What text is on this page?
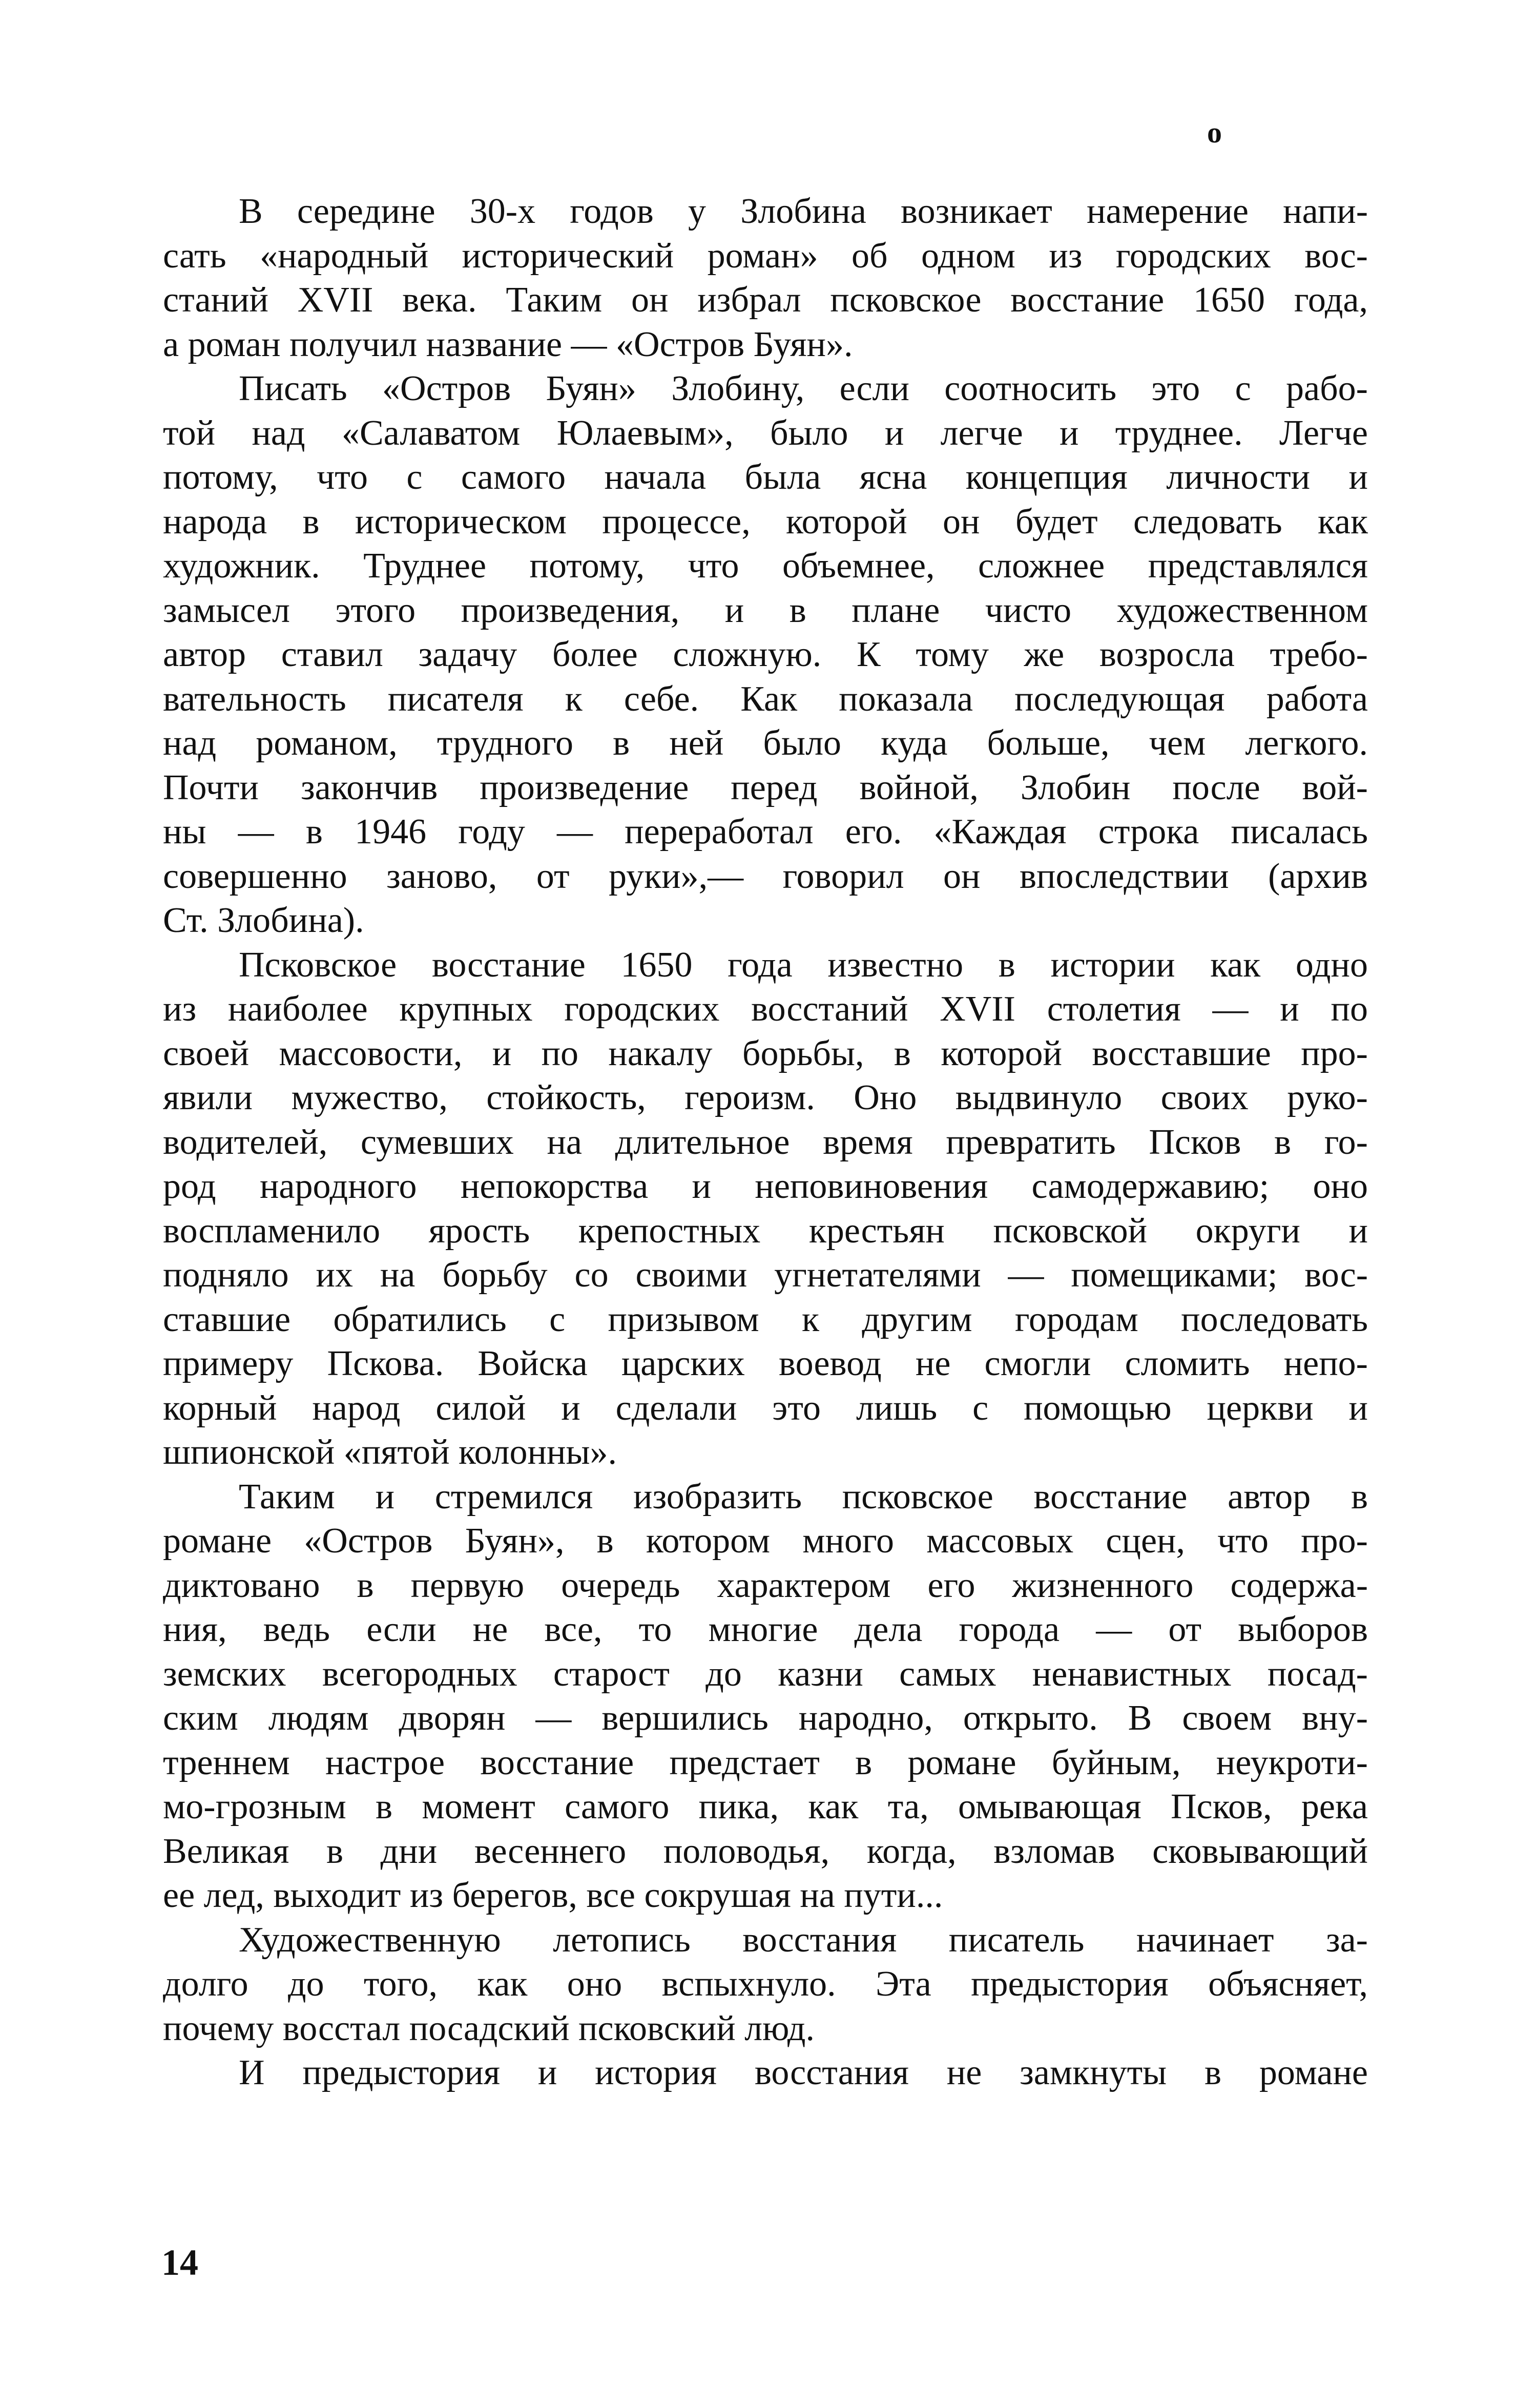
o
В середине 30-х годов у Злобина возникает намерение напи-
сать «народный исторический роман» об одном из городских вос-
станий XVII века. Таким он избрал псковское восстание 1650 года,
а роман получил название — «Остров Буян».
Писать «Остров Буян» Злобину, если соотносить это с рабо-
той над «Салаватом Юлаевым», было и легче и труднее. Легче
потому, что с самого начала была ясна концепция личности и
народа в историческом процессе, которой он будет следовать как
художник. Труднее потому, что объемнее, сложнее представлялся
замысел этого произведения, и в плане чисто художественном
автор ставил задачу более сложную. К тому же возросла требо-
вательность писателя к себе. Как показала последующая работа
над романом, трудного в ней было куда больше, чем легкого.
Почти закончив произведение перед войной, Злобин после вой-
ны — в 1946 году — переработал его. «Каждая строка писалась
совершенно заново, от руки»,— говорил он впоследствии (архив
Ст. Злобина).
Псковское восстание 1650 года известно в истории как одно
из наиболее крупных городских восстаний XVII столетия — и по
своей массовости, и по накалу борьбы, в которой восставшие про-
явили мужество, стойкость, героизм. Оно выдвинуло своих руко-
водителей, сумевших на длительное время превратить Псков в го-
род народного непокорства и неповиновения самодержавию; оно
воспламенило ярость крепостных крестьян псковской округи и
подняло их на борьбу со своими угнетателями — помещиками; вос-
ставшие обратились с призывом к другим городам последовать
примеру Пскова. Войска царских воевод не смогли сломить непо-
корный народ силой и сделали это лишь с помощью церкви и
шпионской «пятой колонны».
Таким и стремился изобразить псковское восстание автор в
романе «Остров Буян», в котором много массовых сцен, что про-
диктовано в первую очередь характером его жизненного содержа-
ния, ведь если не все, то многие дела города — от выборов
земских всегородных старост до казни самых ненавистных посад-
ским людям дворян — вершились народно, открыто. В своем вну-
треннем настрое восстание предстает в романе буйным, неукроти-
мо-грозным в момент самого пика, как та, омывающая Псков, река
Великая в дни весеннего половодья, когда, взломав сковывающий
ее лед, выходит из берегов, все сокрушая на пути...
Художественную летопись восстания писатель начинает за-
долго до того, как оно вспыхнуло. Эта предыстория объясняет,
почему восстал посадский псковский люд.
И предыстория и история восстания не замкнуты в романе
14
